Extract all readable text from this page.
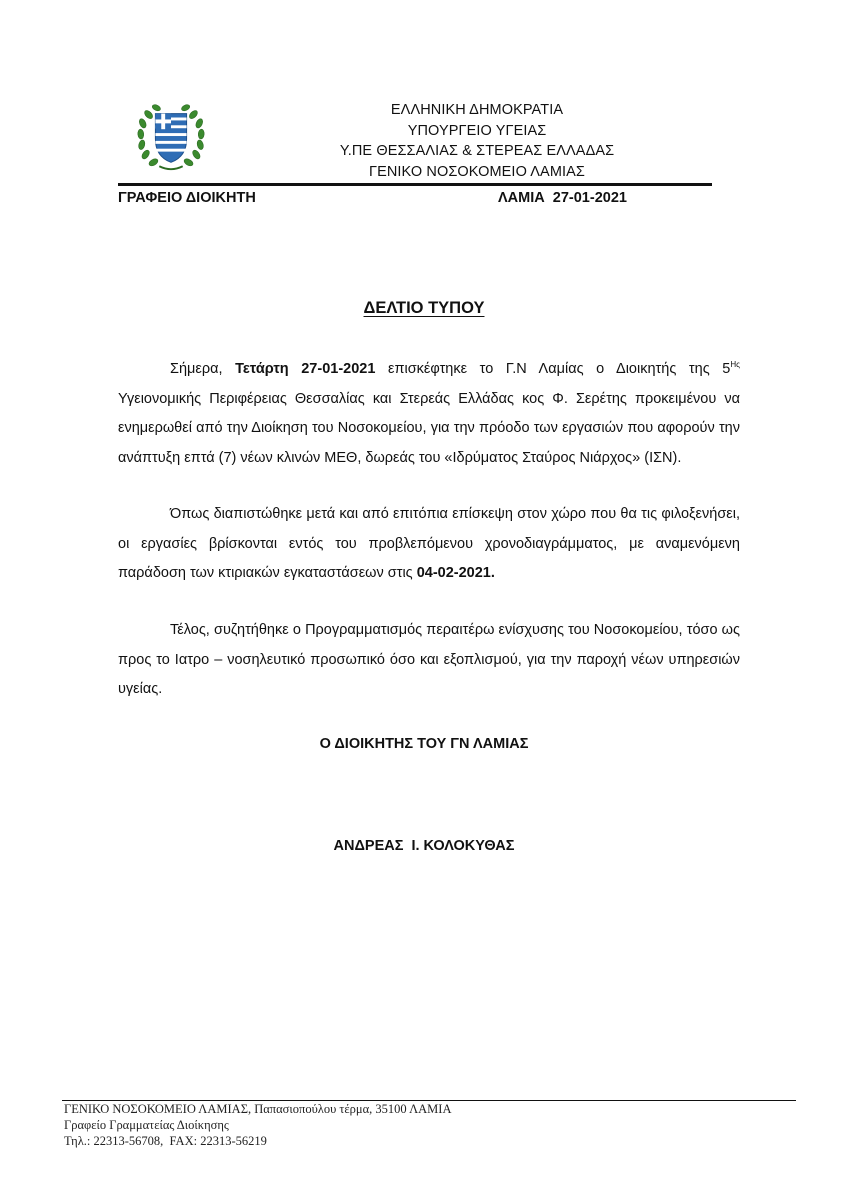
ΕΛΛΗΝΙΚΗ ΔΗΜΟΚΡΑΤΙΑ
ΥΠΟΥΡΓΕΙΟ ΥΓΕΙΑΣ
Υ.ΠΕ ΘΕΣΣΑΛΙΑΣ & ΣΤΕΡΕΑΣ ΕΛΛΑΔΑΣ
ΓΕΝΙΚΟ ΝΟΣΟΚΟΜΕΙΟ ΛΑΜΙΑΣ
ΓΡΑΦΕΙΟ ΔΙΟΙΚΗΤΗ	ΛΑΜΙΑ  27-01-2021
ΔΕΛΤΙΟ ΤΥΠΟΥ

Σήμερα, Τετάρτη 27-01-2021 επισκέφτηκε το Γ.Ν Λαμίας ο Διοικητής της $5^{H\varsigma}$ Υγειονομικής Περιφέρειας Θεσσαλίας και Στερεάς Ελλάδας κος Φ. Σερέτης προκειμένου να ενημερωθεί από την Διοίκηση του Νοσοκομείου, για την πρόοδο των εργασιών που αφορούν την ανάπτυξη επτά (7) νέων κλινών ΜΕΘ, δωρεάς του «Ιδρύματος Σταύρος Νιάρχος» (ΙΣΝ).

Όπως διαπιστώθηκε μετά και από επιτόπια επίσκεψη στον χώρο που θα τις φιλοξενήσει, οι εργασίες βρίσκονται εντός του προβλεπόμενου χρονοδιαγράμματος, με αναμενόμενη παράδοση των κτιριακών εγκαταστάσεων στις 04-02-2021.

Τέλος, συζητήθηκε ο Προγραμματισμός περαιτέρω ενίσχυσης του Νοσοκομείου, τόσο ως προς το Ιατρο – νοσηλευτικό προσωπικό όσο και εξοπλισμού, για την παροχή νέων υπηρεσιών υγείας.

Ο ΔΙΟΙΚΗΤΗΣ ΤΟΥ ΓΝ ΛΑΜΙΑΣ
ΑΝΔΡΕΑΣ  Ι. ΚΟΛΟΚΥΘΑΣ
ΓΕΝΙΚΟ ΝΟΣΟΚΟΜΕΙΟ ΛΑΜΙΑΣ, Παπασιοπούλου τέρμα, 35100 ΛΑΜΙΑ
Γραφείο Γραμματείας Διοίκησης
Τηλ.: 22313-56708,  FAX: 22313-56219
